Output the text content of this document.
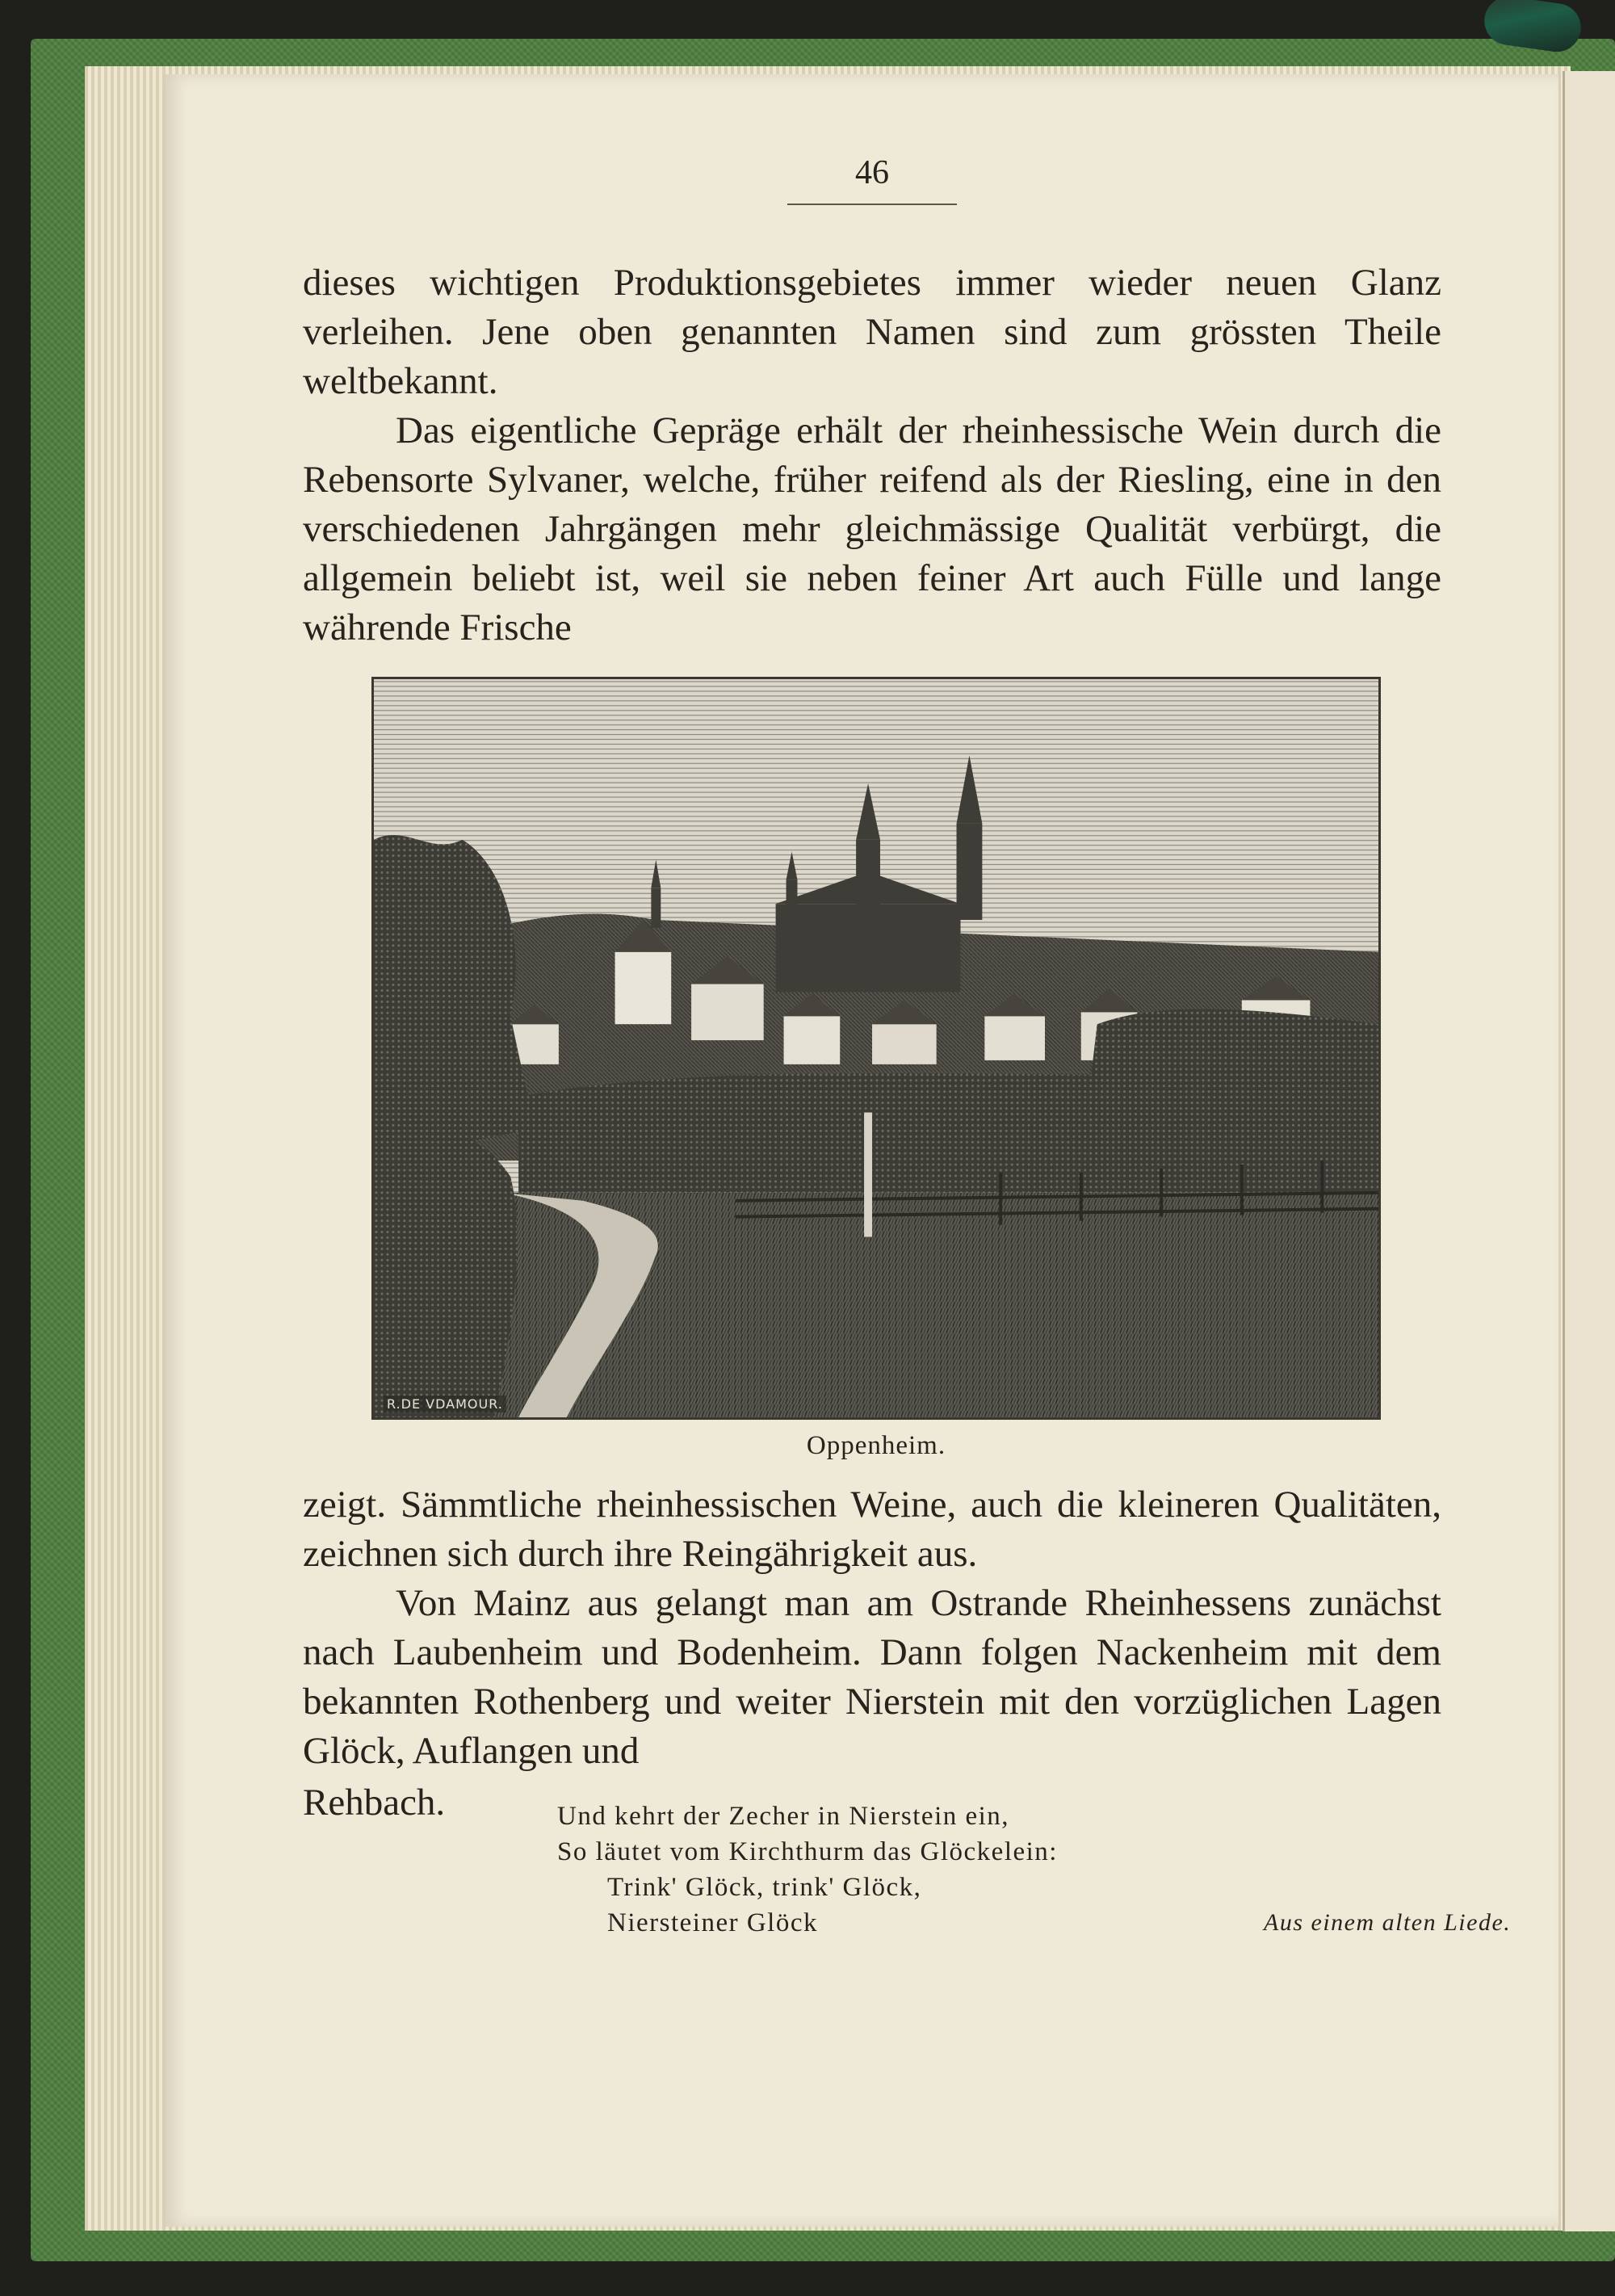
46

dieses wichtigen Produktionsgebietes immer wieder neuen Glanz verleihen. Jene oben genannten Namen sind zum grössten Theile weltbekannt.

Das eigentliche Gepräge erhält der rheinhessische Wein durch die Rebensorte Sylvaner, welche, früher reifend als der Riesling, eine in den verschiedenen Jahrgängen mehr gleichmässige Qualität verbürgt, die allgemein beliebt ist, weil sie neben feiner Art auch Fülle und lange währende Frische

R.DE VDAMOUR.
Oppenheim.

zeigt. Sämmtliche rheinhessischen Weine, auch die kleineren Qualitäten, zeichnen sich durch ihre Reingährigkeit aus.

Von Mainz aus gelangt man am Ostrande Rheinhessens zunächst nach Laubenheim und Bodenheim. Dann folgen Nackenheim mit dem bekannten Rothenberg und weiter Nierstein mit den vorzüglichen Lagen Glöck, Auflangen und

Rehbach.	Und kehrt der Zecher in Nierstein ein,
So läutet vom Kirchthurm das Glöckelein:
Trink' Glöck, trink' Glöck,
Niersteiner Glöck	Aus einem alten Liede.
